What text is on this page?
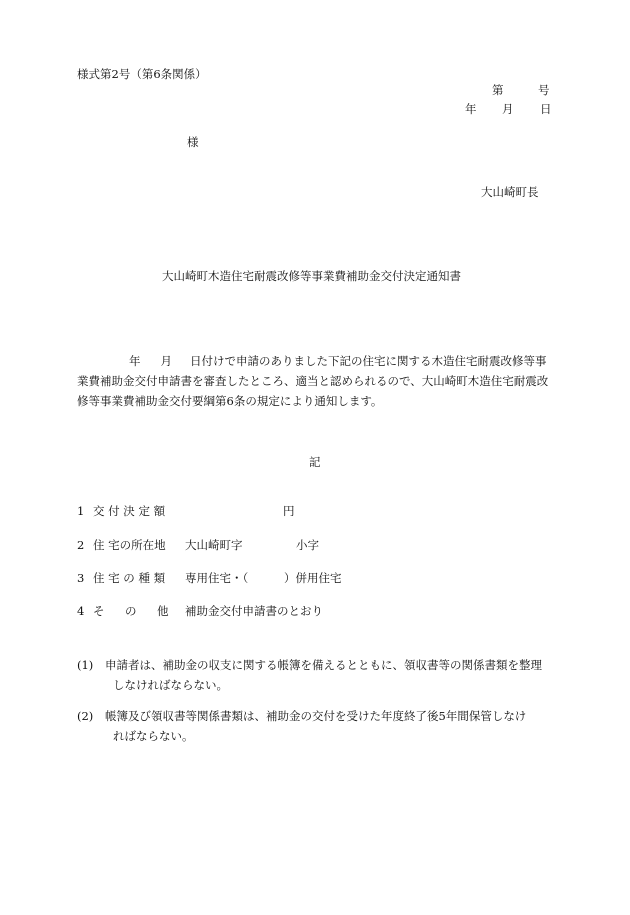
様式第2号（第6条関係）
第	号
年 月 日
様
大山崎町長
大山崎町木造住宅耐震改修等事業費補助金交付決定通知書
年 月 日付けで申請のありました下記の住宅に関する木造住宅耐震改修等事業費補助金交付申請書を審査したところ、適当と認められるので、大山崎町木造住宅耐震改修等事業費補助金交付要綱第6条の規定により通知します。
記
1 交 付 決 定 額	円
2 住 宅の所在地 大山崎町字	小字
3 住 宅 の 種 類 専用住宅・（	）併用住宅
4 そ の 他 補助金交付申請書のとおり
(1)	申請者は、補助金の収支に関する帳簿を備えるとともに、領収書等の関係書類を整理
しなければならない。
(2)	帳簿及び領収書等関係書類は、補助金の交付を受けた年度終了後5年間保管しなけ
ればならない。
